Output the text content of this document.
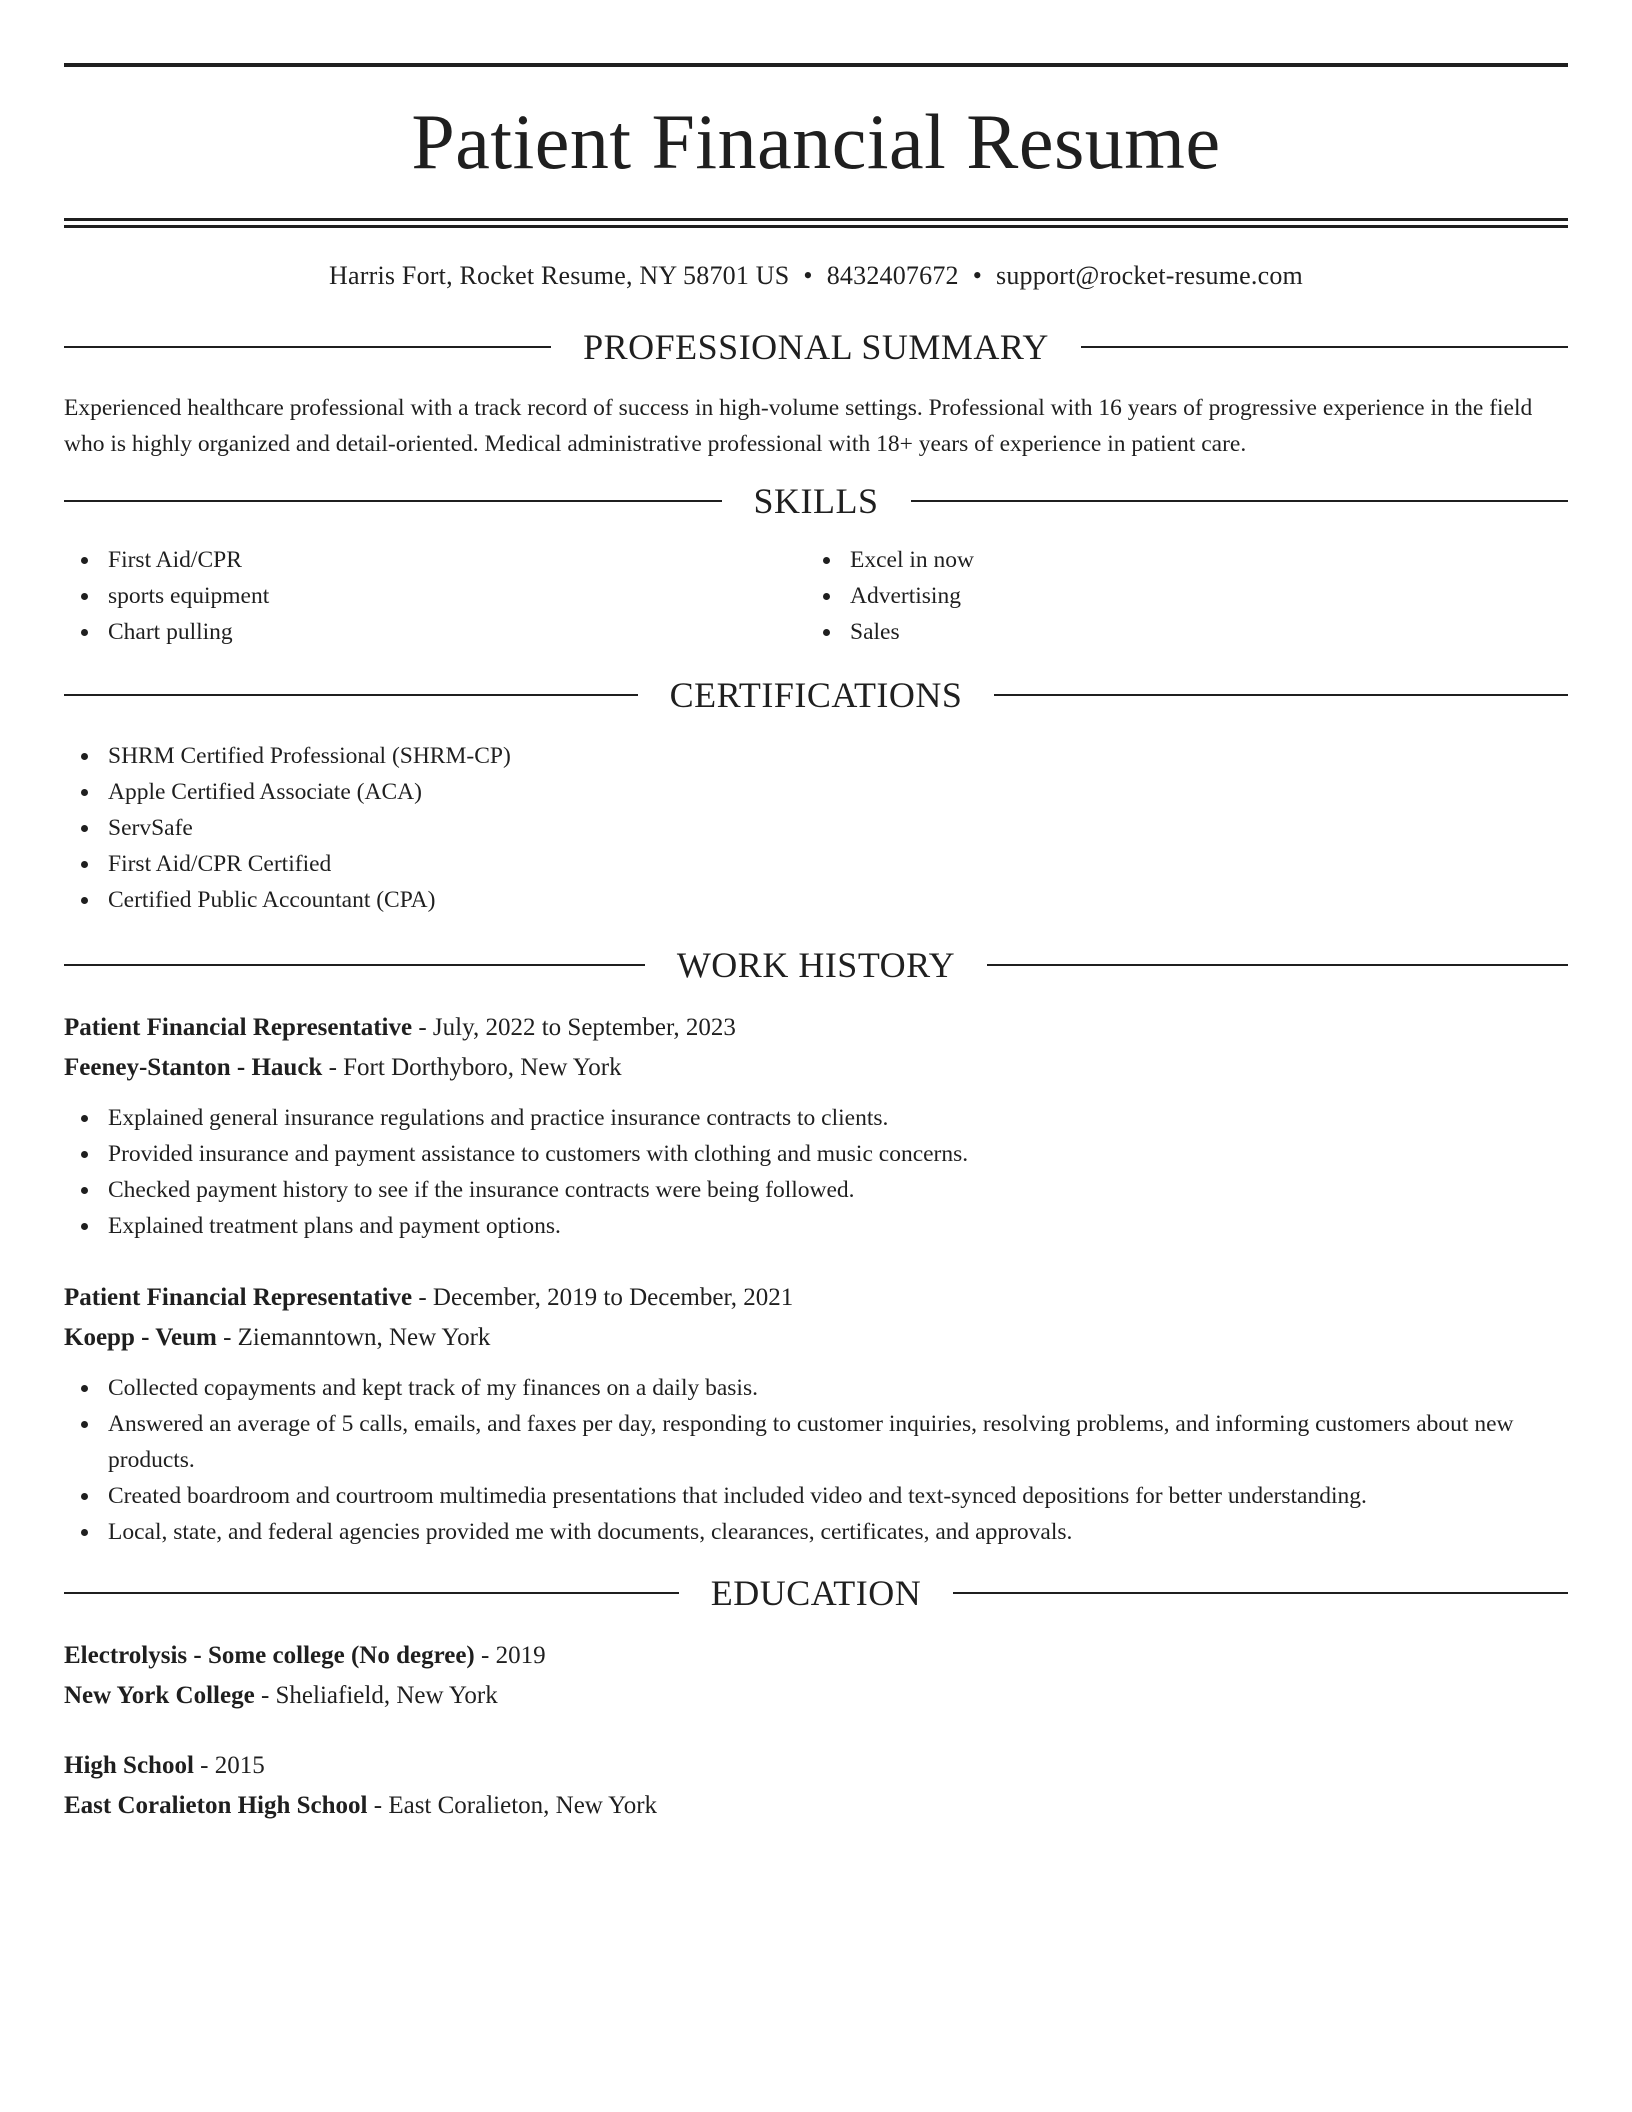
Patient Financial Resume
Harris Fort, Rocket Resume, NY 58701 US • 8432407672 • support@rocket-resume.com
PROFESSIONAL SUMMARY

Experienced healthcare professional with a track record of success in high-volume settings. Professional with 16 years of progressive experience in the field who is highly organized and detail-oriented. Medical administrative professional with 18+ years of experience in patient care.

SKILLS
First Aid/CPR
sports equipment
Chart pulling
Excel in now
Advertising
Sales
CERTIFICATIONS
SHRM Certified Professional (SHRM-CP)
Apple Certified Associate (ACA)
ServSafe
First Aid/CPR Certified
Certified Public Accountant (CPA)
WORK HISTORY
Patient Financial Representative - July, 2022 to September, 2023
Feeney-Stanton - Hauck - Fort Dorthyboro, New York
Explained general insurance regulations and practice insurance contracts to clients.
Provided insurance and payment assistance to customers with clothing and music concerns.
Checked payment history to see if the insurance contracts were being followed.
Explained treatment plans and payment options.
Patient Financial Representative - December, 2019 to December, 2021
Koepp - Veum - Ziemanntown, New York
Collected copayments and kept track of my finances on a daily basis.
Answered an average of 5 calls, emails, and faxes per day, responding to customer inquiries, resolving problems, and informing customers about new products.
Created boardroom and courtroom multimedia presentations that included video and text-synced depositions for better understanding.
Local, state, and federal agencies provided me with documents, clearances, certificates, and approvals.
EDUCATION
Electrolysis - Some college (No degree) - 2019
New York College - Sheliafield, New York
High School - 2015
East Coralieton High School - East Coralieton, New York
